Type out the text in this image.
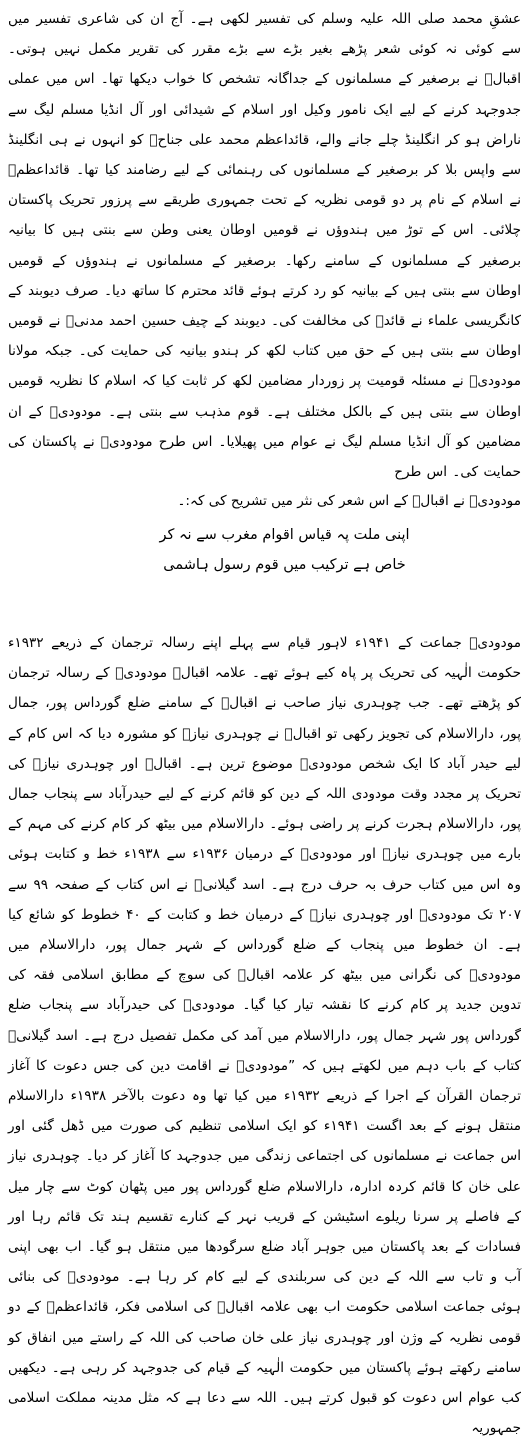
عشقِ محمد صلی اللہ علیہ وسلم کی تفسیر لکھی ہے۔ آج ان کی شاعری تفسیر میں سے کوئی نہ کوئی شعر پڑھے بغیر بڑے سے بڑے مقرر کی تقریر مکمل نہیں ہوتی۔ اقبالؒ نے برصغیر کے مسلمانوں کے جداگانہ تشخص کا خواب دیکھا تھا۔ اس میں عملی جدوجہد کرنے کے لیے ایک نامور وکیل اور اسلام کے شیدائی اور آل انڈیا مسلم لیگ سے ناراض ہو کر انگلینڈ چلے جانے والے، قائداعظم محمد علی جناحؒ کو انہوں نے ہی انگلینڈ سے واپس بلا کر برصغیر کے مسلمانوں کی رہنمائی کے لیے رضامند کیا تھا۔ قائداعظمؒ نے اسلام کے نام پر دو قومی نظریہ کے تحت جمہوری طریقے سے پرزور تحریک پاکستان چلائی۔ اس کے توڑ میں ہندوؤں نے قومیں اوطان یعنی وطن سے بنتی ہیں کا بیانیہ برصغیر کے مسلمانوں کے سامنے رکھا۔ برصغیر کے مسلمانوں نے ہندوؤں کے قومیں اوطان سے بنتی ہیں کے بیانیہ کو رد کرتے ہوئے قائد محترم کا ساتھ دیا۔ صرف دیوبند کے کانگریسی علماء نے قائدؒ کی مخالفت کی۔ دیوبند کے چیف حسین احمد مدنیؒ نے قومیں اوطان سے بنتی ہیں کے حق میں کتاب لکھ کر ہندو بیانیہ کی حمایت کی۔ جبکہ مولانا مودودیؒ نے مسئلہ قومیت پر زوردار مضامین لکھ کر ثابت کیا کہ اسلام کا نظریہ قومیں اوطان سے بنتی ہیں کے بالکل مختلف ہے۔ قوم مذہب سے بنتی ہے۔ مودودیؒ کے ان مضامین کو آل انڈیا مسلم لیگ نے عوام میں پھیلایا۔ اس طرح مودودیؒ نے پاکستان کی حمایت کی۔ اس طرح

مودودیؒ نے اقبالؒ کے اس شعر کی نثر میں تشریح کی کہ:۔

اپنی ملت پہ قیاس اقوام مغرب سے نہ کر

خاص ہے ترکیب میں قوم رسول ہاشمی

مودودیؒ جماعت کے ۱۹۴۱ء لاہور قیام سے پہلے اپنے رسالہ ترجمان کے ذریعے ۱۹۳۲ء حکومت الٰہیہ کی تحریک پر پاہ کیے ہوئے تھے۔ علامہ اقبالؒ مودودیؒ کے رسالہ ترجمان کو پڑھتے تھے۔ جب چوہدری نیاز صاحب نے اقبالؒ کے سامنے ضلع گورداس پور، جمال پور، دارالاسلام کی تجویز رکھی تو اقبالؒ نے چوہدری نیازؒ کو مشورہ دیا کہ اس کام کے لیے حیدر آباد کا ایک شخص مودودیؒ موضوع ترین ہے۔ اقبالؒ اور چوہدری نیازؒ کی تحریک پر مجدد وقت مودودی اللہ کے دین کو قائم کرنے کے لیے حیدرآباد سے پنجاب جمال پور، دارالاسلام ہجرت کرنے پر راضی ہوئے۔ دارالاسلام میں بیٹھ کر کام کرنے کی مہم کے بارے میں چوہدری نیازؒ اور مودودیؒ کے درمیان ۱۹۳۶ء سے ۱۹۳۸ء خط و کتابت ہوئی وہ اس میں کتاب حرف بہ حرف درج ہے۔ اسد گیلانیؒ نے اس کتاب کے صفحہ ۹۹ سے ۲۰۷ تک مودودیؒ اور چوہدری نیازؒ کے درمیان خط و کتابت کے ۴۰ خطوط کو شائع کیا ہے۔ ان خطوط میں پنجاب کے ضلع گورداس کے شہر جمال پور، دارالاسلام میں مودودیؒ کی نگرانی میں بیٹھ کر علامہ اقبالؒ کی سوچ کے مطابق اسلامی فقہ کی تدوین جدید پر کام کرنے کا نقشہ تیار کیا گیا۔ مودودیؒ کی حیدرآباد سے پنجاب ضلع گورداس پور شہر جمال پور، دارالاسلام میں آمد کی مکمل تفصیل درج ہے۔ اسد گیلانیؒ کتاب کے باب دہم میں لکھتے ہیں کہ ”مودودیؒ نے اقامت دین کی جس دعوت کا آغاز ترجمان القرآن کے اجرا کے ذریعے ۱۹۳۲ء میں کیا تھا وہ دعوت بالآخر ۱۹۳۸ء دارالاسلام منتقل ہونے کے بعد اگست ۱۹۴۱ء کو ایک اسلامی تنظیم کی صورت میں ڈھل گئی اور اس جماعت نے مسلمانوں کی اجتماعی زندگی میں جدوجہد کا آغاز کر دیا۔ چوہدری نیاز علی خان کا قائم کردہ ادارہ، دارالاسلام ضلع گورداس پور میں پٹھان کوٹ سے چار میل کے فاصلے پر سرنا ریلوے اسٹیشن کے قریب نہر کے کنارے تقسیم ہند تک قائم رہا اور فسادات کے بعد پاکستان میں جوہر آباد ضلع سرگودھا میں منتقل ہو گیا۔ اب بھی اپنی آب و تاب سے اللہ کے دین کی سربلندی کے لیے کام کر رہا ہے۔ مودودیؒ کی بنائی ہوئی جماعت اسلامی حکومت اب بھی علامہ اقبالؒ کی اسلامی فکر، قائداعظمؒ کے دو قومی نظریہ کے وژن اور چوہدری نیاز علی خان صاحب کی اللہ کے راستے میں انفاق کو سامنے رکھتے ہوئے پاکستان میں حکومت الٰہیہ کے قیام کی جدوجہد کر رہی ہے۔ دیکھیں کب عوام اس دعوت کو قبول کرتے ہیں۔ اللہ سے دعا ہے کہ مثل مدینہ مملکت اسلامی جمہوریہ
